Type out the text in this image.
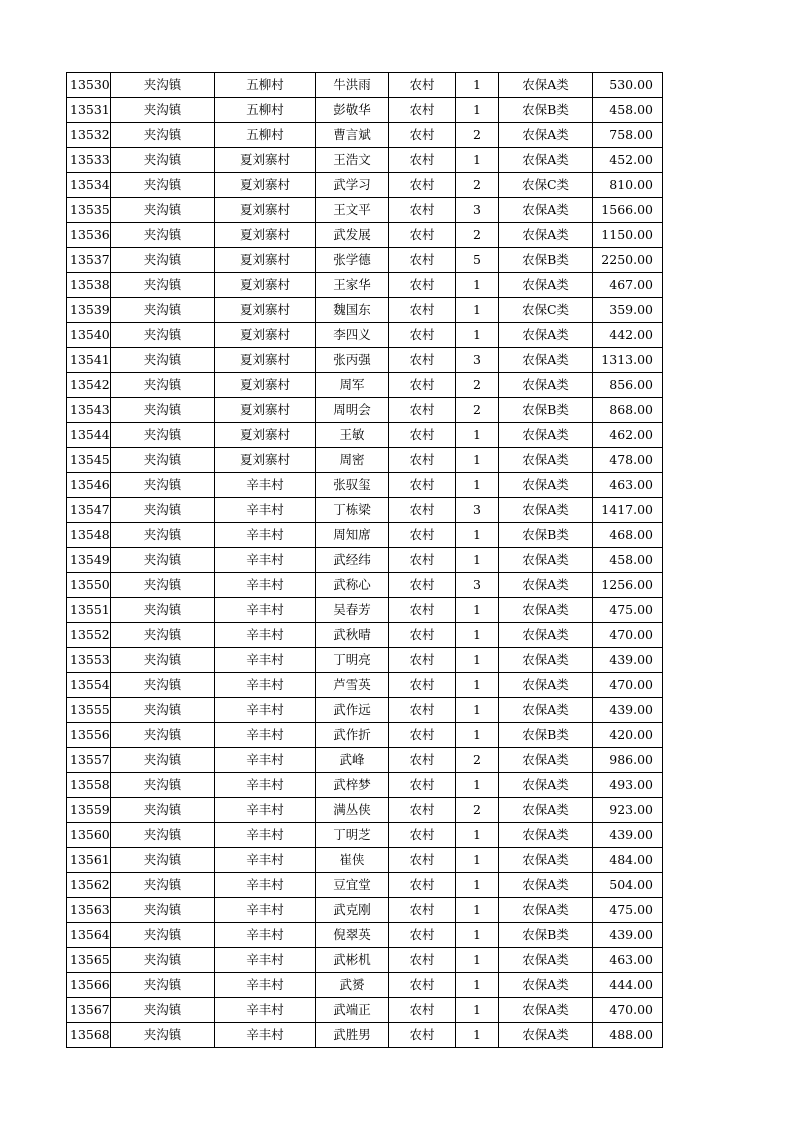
13530	夹沟镇	五柳村	牛洪雨	农村	1	农保A类	530.00
13531	夹沟镇	五柳村	彭敬华	农村	1	农保B类	458.00
13532	夹沟镇	五柳村	曹言斌	农村	2	农保A类	758.00
13533	夹沟镇	夏刘寨村	王浩文	农村	1	农保A类	452.00
13534	夹沟镇	夏刘寨村	武学习	农村	2	农保C类	810.00
13535	夹沟镇	夏刘寨村	王文平	农村	3	农保A类	1566.00
13536	夹沟镇	夏刘寨村	武发展	农村	2	农保A类	1150.00
13537	夹沟镇	夏刘寨村	张学德	农村	5	农保B类	2250.00
13538	夹沟镇	夏刘寨村	王家华	农村	1	农保A类	467.00
13539	夹沟镇	夏刘寨村	魏国东	农村	1	农保C类	359.00
13540	夹沟镇	夏刘寨村	李四义	农村	1	农保A类	442.00
13541	夹沟镇	夏刘寨村	张丙强	农村	3	农保A类	1313.00
13542	夹沟镇	夏刘寨村	周军	农村	2	农保A类	856.00
13543	夹沟镇	夏刘寨村	周明会	农村	2	农保B类	868.00
13544	夹沟镇	夏刘寨村	王敏	农村	1	农保A类	462.00
13545	夹沟镇	夏刘寨村	周密	农村	1	农保A类	478.00
13546	夹沟镇	辛丰村	张驭玺	农村	1	农保A类	463.00
13547	夹沟镇	辛丰村	丁栋梁	农村	3	农保A类	1417.00
13548	夹沟镇	辛丰村	周知席	农村	1	农保B类	468.00
13549	夹沟镇	辛丰村	武经纬	农村	1	农保A类	458.00
13550	夹沟镇	辛丰村	武称心	农村	3	农保A类	1256.00
13551	夹沟镇	辛丰村	吴春芳	农村	1	农保A类	475.00
13552	夹沟镇	辛丰村	武秋晴	农村	1	农保A类	470.00
13553	夹沟镇	辛丰村	丁明亮	农村	1	农保A类	439.00
13554	夹沟镇	辛丰村	芦雪英	农村	1	农保A类	470.00
13555	夹沟镇	辛丰村	武作远	农村	1	农保A类	439.00
13556	夹沟镇	辛丰村	武作折	农村	1	农保B类	420.00
13557	夹沟镇	辛丰村	武峰	农村	2	农保A类	986.00
13558	夹沟镇	辛丰村	武梓梦	农村	1	农保A类	493.00
13559	夹沟镇	辛丰村	满丛侠	农村	2	农保A类	923.00
13560	夹沟镇	辛丰村	丁明芝	农村	1	农保A类	439.00
13561	夹沟镇	辛丰村	崔侠	农村	1	农保A类	484.00
13562	夹沟镇	辛丰村	豆宜堂	农村	1	农保A类	504.00
13563	夹沟镇	辛丰村	武克刚	农村	1	农保A类	475.00
13564	夹沟镇	辛丰村	倪翠英	农村	1	农保B类	439.00
13565	夹沟镇	辛丰村	武彬机	农村	1	农保A类	463.00
13566	夹沟镇	辛丰村	武赟	农村	1	农保A类	444.00
13567	夹沟镇	辛丰村	武端正	农村	1	农保A类	470.00
13568	夹沟镇	辛丰村	武胜男	农村	1	农保A类	488.00
